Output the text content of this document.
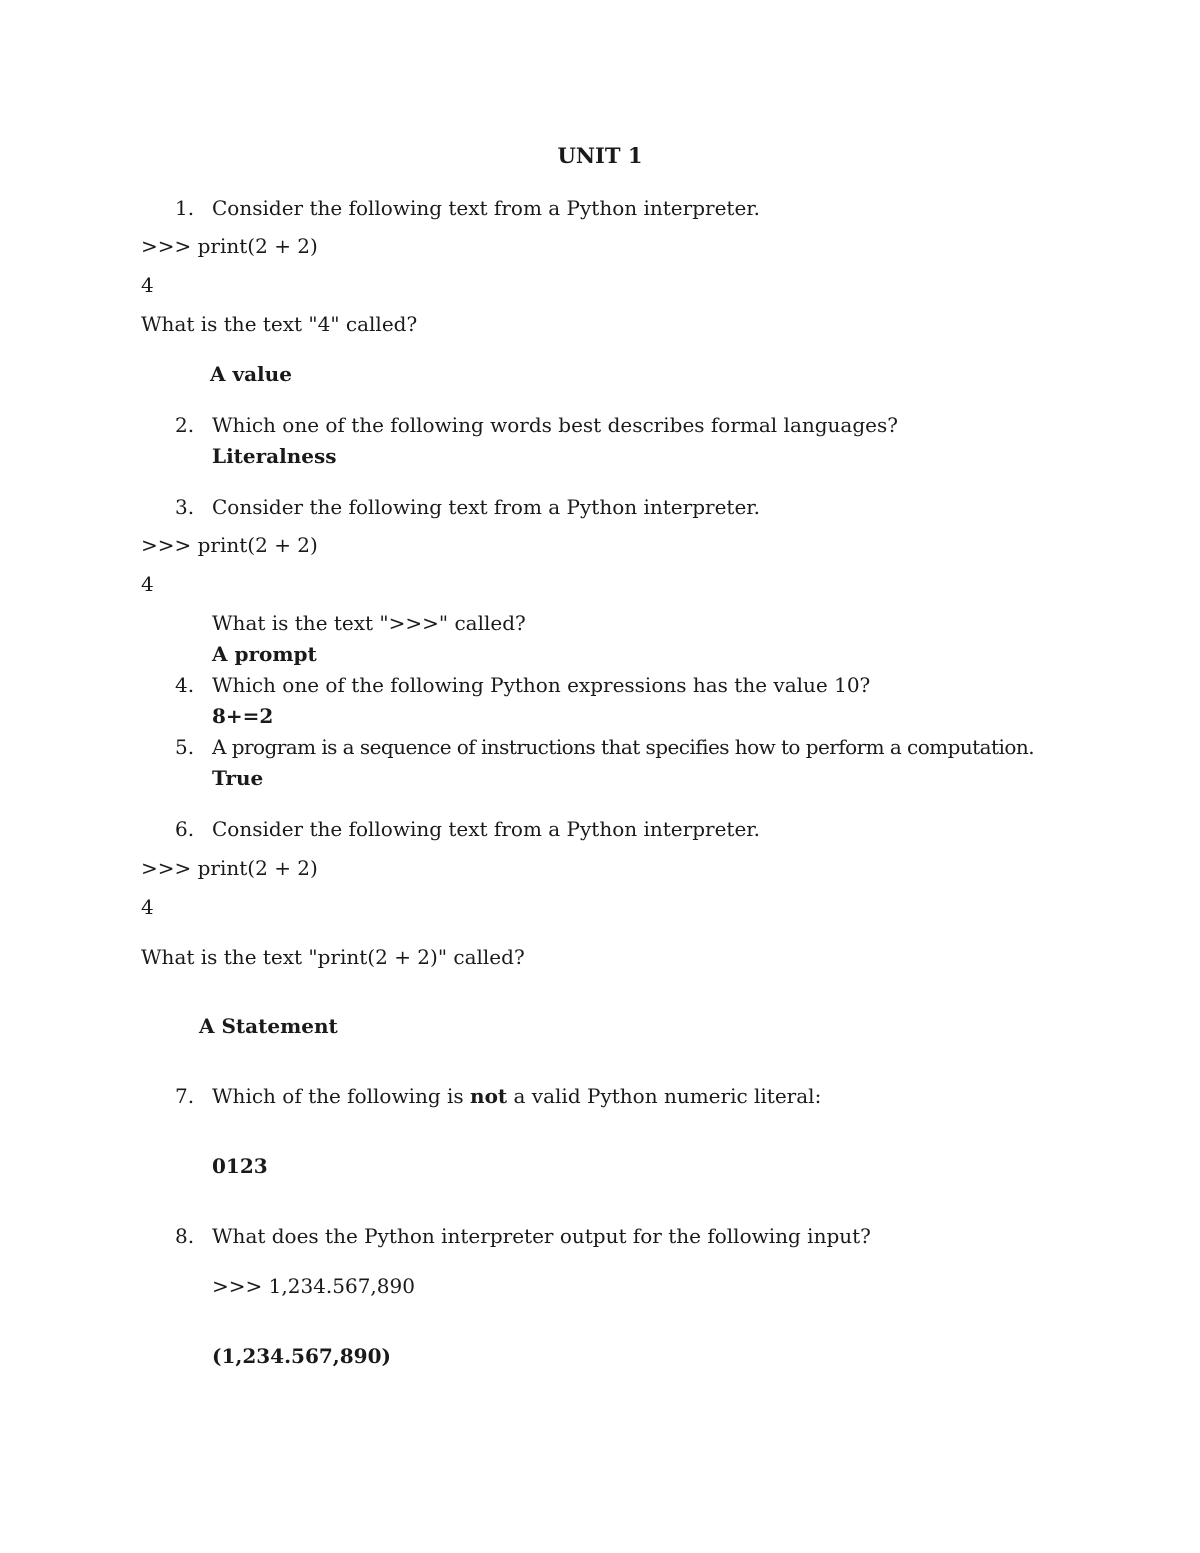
UNIT 1
1. Consider the following text from a Python interpreter.
>>> print(2 + 2)
4
What is the text "4" called?
A value
2. Which one of the following words best describes formal languages?
Literalness
3. Consider the following text from a Python interpreter.
>>> print(2 + 2)
4
What is the text ">>>" called?
A prompt
4. Which one of the following Python expressions has the value 10?
8+=2
5. A program is a sequence of instructions that specifies how to perform a computation.
True
6. Consider the following text from a Python interpreter.
>>> print(2 + 2)
4
What is the text "print(2 + 2)" called?
A Statement
7. Which of the following is not a valid Python numeric literal:
0123
8. What does the Python interpreter output for the following input?
>>> 1,234.567,890
(1,234.567,890)
